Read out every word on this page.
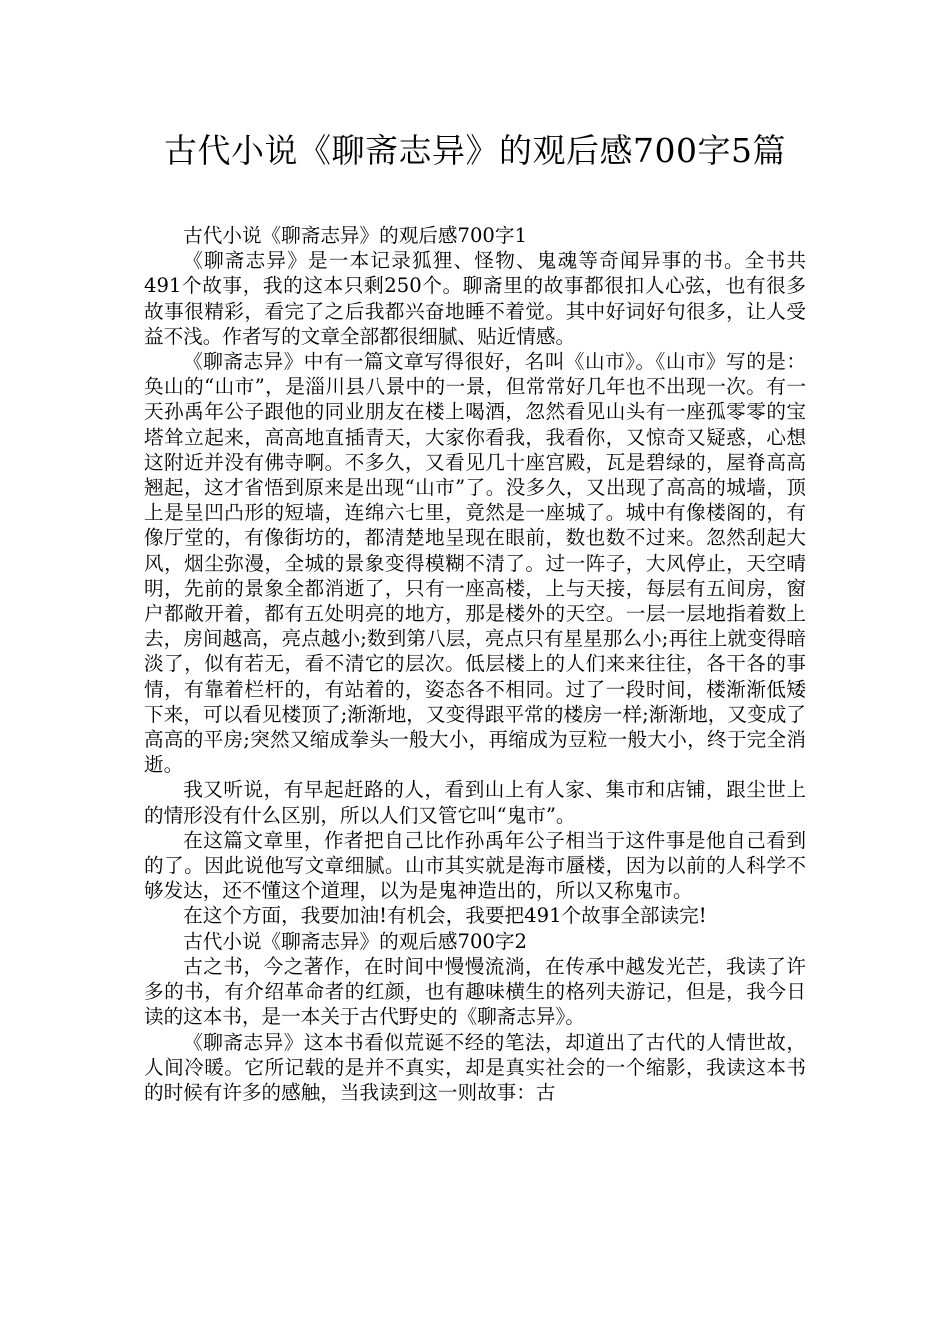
古代小说《聊斋志异》的观后感700字5篇

古代小说《聊斋志异》的观后感700字1

《聊斋志异》是一本记录狐狸、怪物、鬼魂等奇闻异事的书。全书共491个故事，我的这本只剩250个。聊斋里的故事都很扣人心弦，也有很多故事很精彩，看完了之后我都兴奋地睡不着觉。其中好词好句很多，让人受益不浅。作者写的文章全部都很细腻、贴近情感。

《聊斋志异》中有一篇文章写得很好，名叫《山市》。《山市》写的是：奂山的“山市”，是淄川县八景中的一景，但常常好几年也不出现一次。有一天孙禹年公子跟他的同业朋友在楼上喝酒，忽然看见山头有一座孤零零的宝塔耸立起来，高高地直插青天，大家你看我，我看你，又惊奇又疑惑，心想这附近并没有佛寺啊。不多久，又看见几十座宫殿，瓦是碧绿的，屋脊高高翘起，这才省悟到原来是出现“山市”了。没多久，又出现了高高的城墙，顶上是呈凹凸形的短墙，连绵六七里，竟然是一座城了。城中有像楼阁的，有像厅堂的，有像街坊的，都清楚地呈现在眼前，数也数不过来。忽然刮起大风，烟尘弥漫，全城的景象变得模糊不清了。过一阵子，大风停止，天空晴明，先前的景象全都消逝了，只有一座高楼，上与天接，每层有五间房，窗户都敞开着，都有五处明亮的地方，那是楼外的天空。一层一层地指着数上去，房间越高，亮点越小;数到第八层，亮点只有星星那么小;再往上就变得暗淡了，似有若无，看不清它的层次。低层楼上的人们来来往往，各干各的事情，有靠着栏杆的，有站着的，姿态各不相同。过了一段时间，楼渐渐低矮下来，可以看见楼顶了;渐渐地，又变得跟平常的楼房一样;渐渐地，又变成了高高的平房;突然又缩成拳头一般大小，再缩成为豆粒一般大小，终于完全消逝。

我又听说，有早起赶路的人，看到山上有人家、集市和店铺，跟尘世上的情形没有什么区别，所以人们又管它叫“鬼市”。

在这篇文章里，作者把自己比作孙禹年公子相当于这件事是他自己看到的了。因此说他写文章细腻。山市其实就是海市蜃楼，因为以前的人科学不够发达，还不懂这个道理，以为是鬼神造出的，所以又称鬼市。

在这个方面，我要加油!有机会，我要把491个故事全部读完!

古代小说《聊斋志异》的观后感700字2

古之书，今之著作，在时间中慢慢流淌，在传承中越发光芒，我读了许多的书，有介绍革命者的红颜，也有趣味横生的格列夫游记，但是，我今日读的这本书，是一本关于古代野史的《聊斋志异》。

《聊斋志异》这本书看似荒诞不经的笔法，却道出了古代的人情世故，人间冷暖。它所记载的是并不真实，却是真实社会的一个缩影，我读这本书的时候有许多的感触，当我读到这一则故事：古
